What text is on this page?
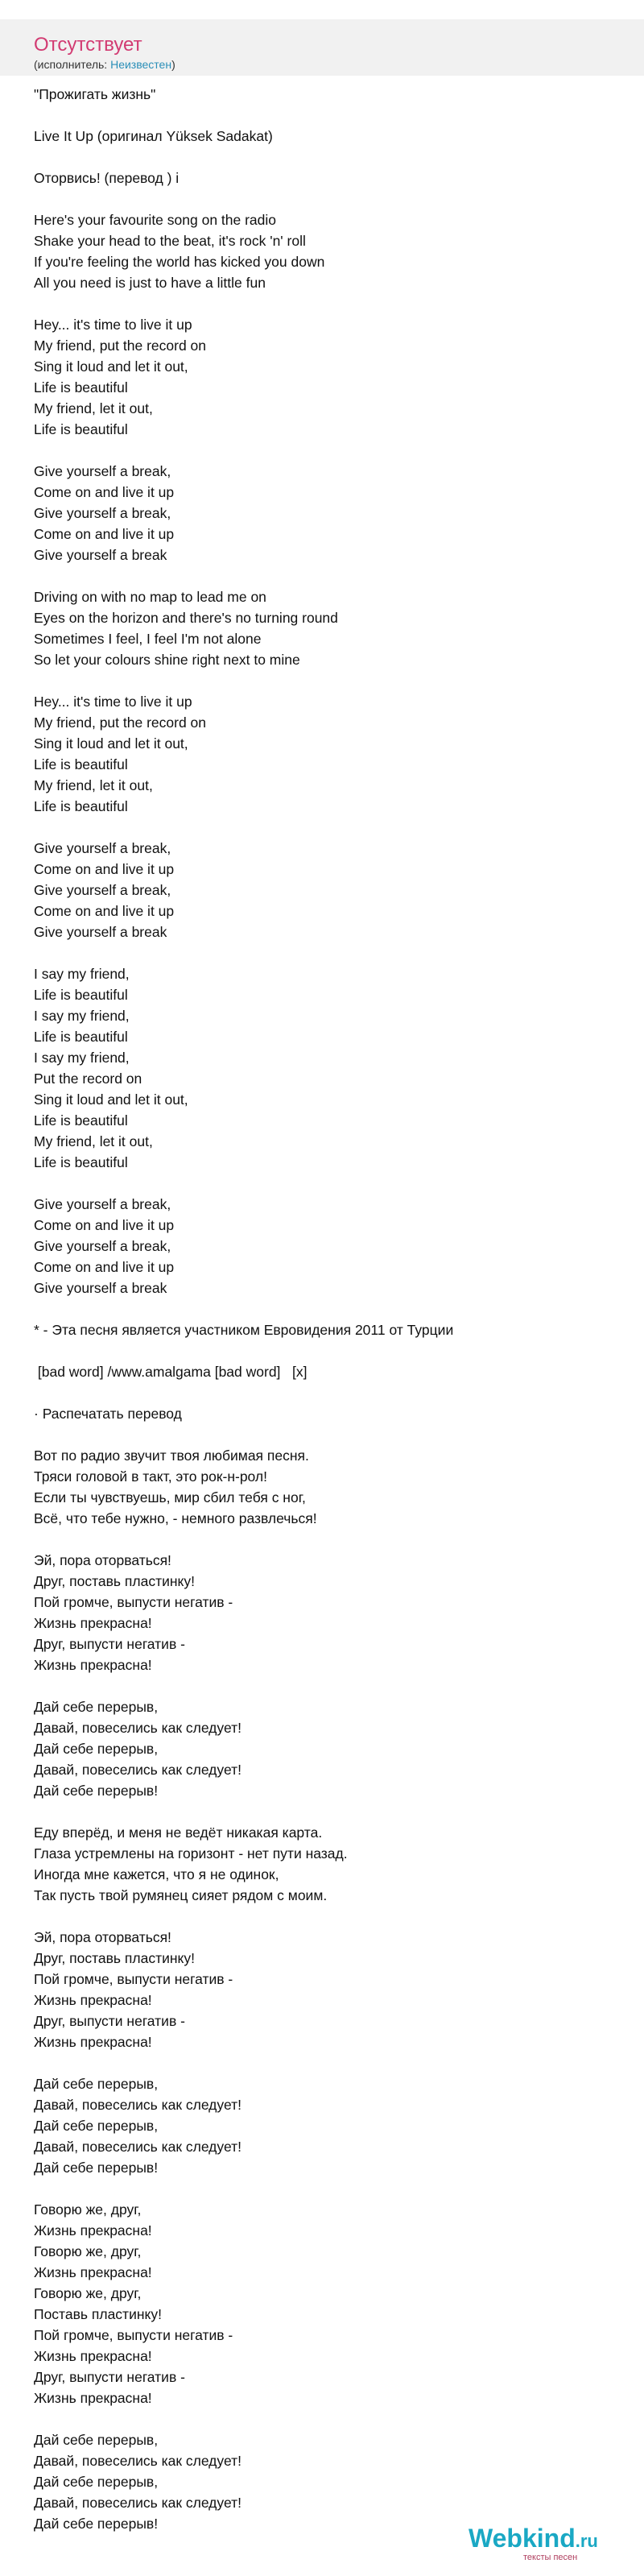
Отсутствует
(исполнитель: Неизвестен)
"Прожигать жизнь"
Live It Up (оригинал Yüksek Sadakat)
Оторвись! (перевод ) i
Here's your favourite song on the radio
Shake your head to the beat, it's rock 'n' roll
If you're feeling the world has kicked you down
All you need is just to have a little fun
Hey... it's time to live it up
My friend, put the record on
Sing it loud and let it out,
Life is beautiful
My friend, let it out,
Life is beautiful
Give yourself a break,
Come on and live it up
Give yourself a break,
Come on and live it up
Give yourself a break
Driving on with no map to lead me on
Eyes on the horizon and there's no turning round
Sometimes I feel, I feel I'm not alone
So let your colours shine right next to mine
Hey... it's time to live it up
My friend, put the record on
Sing it loud and let it out,
Life is beautiful
My friend, let it out,
Life is beautiful
Give yourself a break,
Come on and live it up
Give yourself a break,
Come on and live it up
Give yourself a break
I say my friend,
Life is beautiful
I say my friend,
Life is beautiful
I say my friend,
Put the record on
Sing it loud and let it out,
Life is beautiful
My friend, let it out,
Life is beautiful
Give yourself a break,
Come on and live it up
Give yourself a break,
Come on and live it up
Give yourself a break
* - Эта песня является участником Евровидения 2011 от Турции
[bad word] /www.amalgama [bad word] [x]
· Распечатать перевод
Вот по радио звучит твоя любимая песня.
Тряси головой в такт, это рок-н-рол!
Если ты чувствуешь, мир сбил тебя с ног,
Всё, что тебе нужно, - немного развлечься!
Эй, пора оторваться!
Друг, поставь пластинку!
Пой громче, выпусти негатив -
Жизнь прекрасна!
Друг, выпусти негатив -
Жизнь прекрасна!
Дай себе перерыв,
Давай, повеселись как следует!
Дай себе перерыв,
Давай, повеселись как следует!
Дай себе перерыв!
Еду вперёд, и меня не ведёт никакая карта.
Глаза устремлены на горизонт - нет пути назад.
Иногда мне кажется, что я не одинок,
Так пусть твой румянец сияет рядом с моим.
Эй, пора оторваться!
Друг, поставь пластинку!
Пой громче, выпусти негатив -
Жизнь прекрасна!
Друг, выпусти негатив -
Жизнь прекрасна!
Дай себе перерыв,
Давай, повеселись как следует!
Дай себе перерыв,
Давай, повеселись как следует!
Дай себе перерыв!
Говорю же, друг,
Жизнь прекрасна!
Говорю же, друг,
Жизнь прекрасна!
Говорю же, друг,
Поставь пластинку!
Пой громче, выпусти негатив -
Жизнь прекрасна!
Друг, выпусти негатив -
Жизнь прекрасна!
Дай себе перерыв,
Давай, повеселись как следует!
Дай себе перерыв,
Давай, повеселись как следует!
Дай себе перерыв!	Webkind.ru
тексты песен
